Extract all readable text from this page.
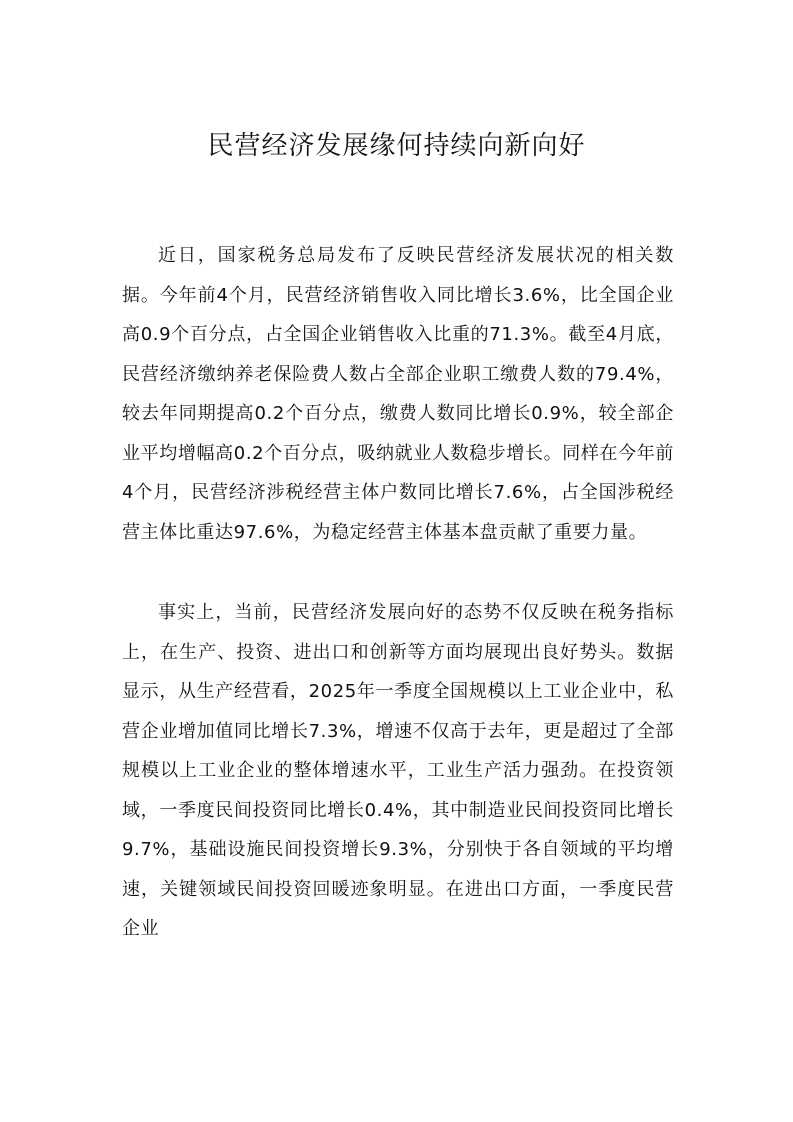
民营经济发展缘何持续向新向好

近日，国家税务总局发布了反映民营经济发展状况的相关数据。今年前4个月，民营经济销售收入同比增长3.6%，比全国企业高0.9个百分点，占全国企业销售收入比重的71.3%。截至4月底，民营经济缴纳养老保险费人数占全部企业职工缴费人数的79.4%，较去年同期提高0.2个百分点，缴费人数同比增长0.9%，较全部企业平均增幅高0.2个百分点，吸纳就业人数稳步增长。同样在今年前4个月，民营经济涉税经营主体户数同比增长7.6%，占全国涉税经营主体比重达97.6%，为稳定经营主体基本盘贡献了重要力量。

事实上，当前，民营经济发展向好的态势不仅反映在税务指标上，在生产、投资、进出口和创新等方面均展现出良好势头。数据显示，从生产经营看，2025年一季度全国规模以上工业企业中，私营企业增加值同比增长7.3%，增速不仅高于去年，更是超过了全部规模以上工业企业的整体增速水平，工业生产活力强劲。在投资领域，一季度民间投资同比增长0.4%，其中制造业民间投资同比增长9.7%，基础设施民间投资增长9.3%，分别快于各自领域的平均增速，关键领域民间投资回暖迹象明显。在进出口方面，一季度民营企业
